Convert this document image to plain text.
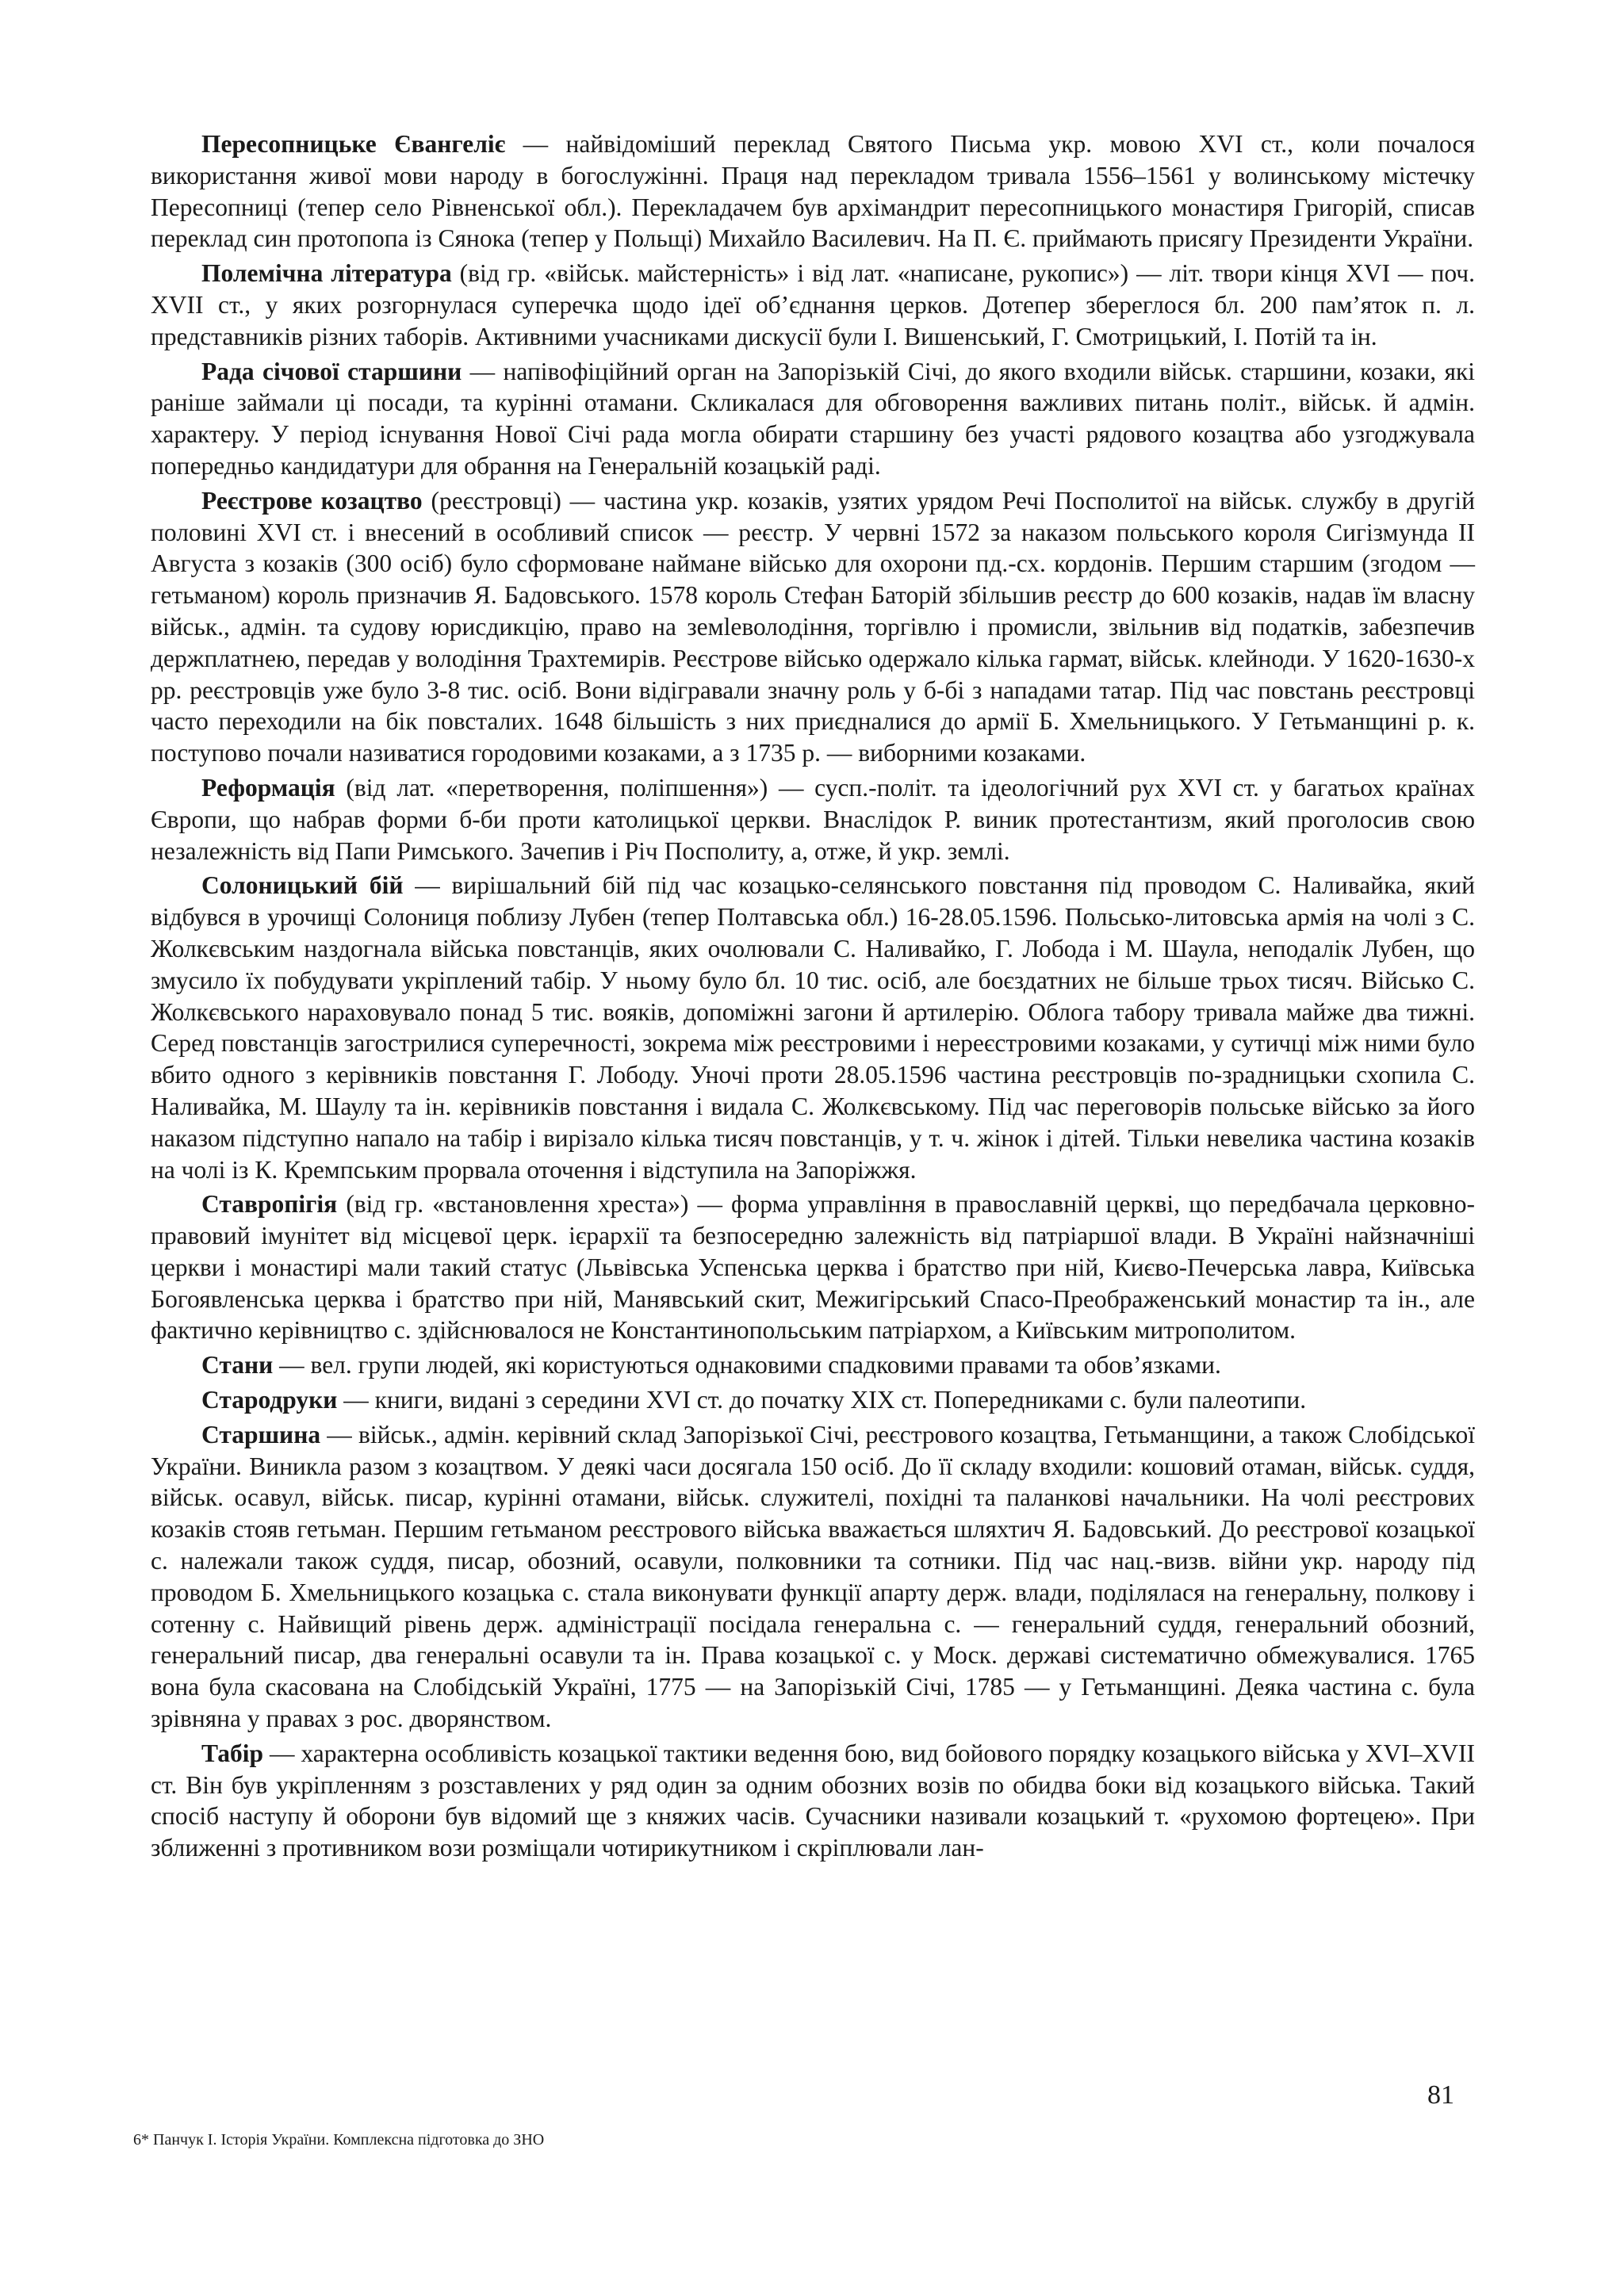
Пересопницьке Євангеліє — найвідоміший переклад Святого Письма укр. мовою XVI ст., коли почалося використання живої мови народу в богослужінні. Праця над перекладом тривала 1556–1561 у волинському містечку Пересопниці (тепер село Рівненської обл.). Перекладачем був архімандрит пересопницького монастиря Григорій, списав переклад син протопопа із Сянока (тепер у Польщі) Михайло Василевич. На П. Є. приймають присягу Президенти України.

Полемічна література (від гр. «військ. майстерність» і від лат. «написане, рукопис») — літ. твори кінця XVI — поч. XVII ст., у яких розгорнулася суперечка щодо ідеї об’єднання церков. Дотепер збереглося бл. 200 пам’яток п. л. представників різних таборів. Активними учасниками дискусії були І. Вишенський, Г. Смотрицький, І. Потій та ін.

Рада січової старшини — напівофіційний орган на Запорізькій Січі, до якого входили військ. старшини, козаки, які раніше займали ці посади, та курінні отамани. Скликалася для обговорення важливих питань політ., військ. й адмін. характеру. У період існування Нової Січі рада могла обирати старшину без участі рядового козацтва або узгоджувала попередньо кандидатури для обрання на Генеральній козацькій раді.

Реєстрове козацтво (реєстровці) — частина укр. козаків, узятих урядом Речі Посполитої на військ. службу в другій половині XVI ст. і внесений в особливий список — реєстр. У червні 1572 за наказом польського короля Сигізмунда II Августа з козаків (300 осіб) було сформоване наймане військо для охорони пд.-сх. кордонів. Першим старшим (згодом — гетьманом) король призначив Я. Бадовського. 1578 король Стефан Баторій збільшив реєстр до 600 козаків, надав їм власну військ., адмін. та судову юрисдикцію, право на земleволодіння, торгівлю і промисли, звільнив від податків, забезпечив держплатнею, передав у володіння Трахтемирів. Реєстрове військо одержало кілька гармат, військ. клейноди. У 1620-1630-х рр. реєстровців уже було 3-8 тис. осіб. Вони відігравали значну роль у б-бі з нападами татар. Під час повстань реєстровці часто переходили на бік повсталих. 1648 більшість з них приєдналися до армії Б. Хмельницького. У Гетьманщині р. к. поступово почали називатися городовими козаками, а з 1735 р. — виборними козаками.

Реформація (від лат. «перетворення, поліпшення») — сусп.-політ. та ідеологічний рух XVI ст. у багатьох країнах Європи, що набрав форми б-би проти католицької церкви. Внаслідок Р. виник протестантизм, який проголосив свою незалежність від Папи Римського. Зачепив і Річ Посполиту, а, отже, й укр. землі.

Солоницький бій — вирішальний бій під час козацько-селянського повстання під проводом С. Наливайка, який відбувся в урочищі Солониця поблизу Лубен (тепер Полтавська обл.) 16-28.05.1596. Польсько-литовська армія на чолі з С. Жолкєвським наздогнала війська повстанців, яких очолювали С. Наливайко, Г. Лобода і М. Шаула, неподалік Лубен, що змусило їх побудувати укріплений табір. У ньому було бл. 10 тис. осіб, але боєздатних не більше трьох тисяч. Військо С. Жолкєвського нараховувало понад 5 тис. вояків, допоміжні загони й артилерію. Облога табору тривала майже два тижні. Серед повстанців загострилися суперечності, зокрема між реєстровими і нереєстровими козаками, у сутичці між ними було вбито одного з керівників повстання Г. Лободу. Уночі проти 28.05.1596 частина реєстровців по-зрадницьки схопила С. Наливайка, М. Шаулу та ін. керівників повстання і видала С. Жолкєвському. Під час переговорів польське військо за його наказом підступно напало на табір і вирізало кілька тисяч повстанців, у т. ч. жінок і дітей. Тільки невелика частина козаків на чолі із К. Кремпським прорвала оточення і відступила на Запоріжжя.

Ставропігія (від гр. «встановлення хреста») — форма управління в православній церкві, що передбачала церковно-правовий імунітет від місцевої церк. ієрархії та безпосередню залежність від патріаршої влади. В Україні найзначніші церкви і монастирі мали такий статус (Львівська Успенська церква і братство при ній, Києво-Печерська лавра, Київська Богоявленська церква і братство при ній, Манявський скит, Межигірський Спасо-Преображенський монастир та ін., але фактично керівництво с. здійснювалося не Константинопольським патріархом, а Київським митрополитом.

Стани — вел. групи людей, які користуються однаковими спадковими правами та обов’язками.

Стародруки — книги, видані з середини XVI ст. до початку XIX ст. Попередниками с. були палеотипи.

Старшина — військ., адмін. керівний склад Запорізької Січі, реєстрового козацтва, Гетьманщини, а також Слобідської України. Виникла разом з козацтвом. У деякі часи досягала 150 осіб. До її складу входили: кошовий отаман, військ. суддя, військ. осавул, військ. писар, курінні отамани, військ. служителі, похідні та паланкові начальники. На чолі реєстрових козаків стояв гетьман. Першим гетьманом реєстрового війська вважається шляхтич Я. Бадовський. До реєстрової козацької с. належали також суддя, писар, обозний, осавули, полковники та сотники. Під час нац.-визв. війни укр. народу під проводом Б. Хмельницького козацька с. стала виконувати функції апарту держ. влади, поділялася на генеральну, полкову і сотенну с. Найвищий рівень держ. адміністрації посідала генеральна с. — генеральний суддя, генеральний обозний, генеральний писар, два генеральні осавули та ін. Права козацької с. у Моск. державі систематично обмежувалися. 1765 вона була скасована на Слобідській Україні, 1775 — на Запорізькій Січі, 1785 — у Гетьманщині. Деяка частина с. була зрівняна у правах з рос. дворянством.

Табір — характерна особливість козацької тактики ведення бою, вид бойового порядку козацького війська у XVI–XVII ст. Він був укріпленням з розставлених у ряд один за одним обозних возів по обидва боки від козацького війська. Такий спосіб наступу й оборони був відомий ще з княжих часів. Сучасники називали козацький т. «рухомою фортецею». При зближенні з противником вози розміщали чотирикутником і скріплювали лан-

81
6* Панчук І. Історія України. Комплексна підготовка до ЗНО
